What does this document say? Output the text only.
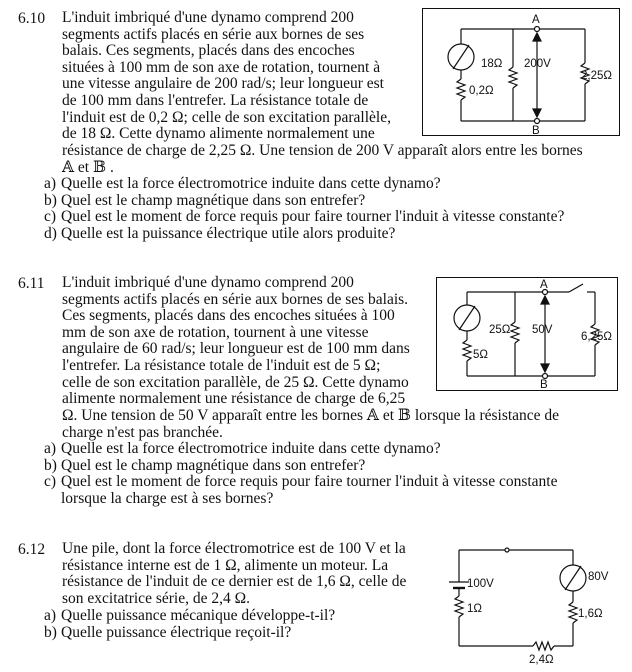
6.10 L'induit imbriqué d'une dynamo comprend 200
segments actifs placés en série aux bornes de ses
balais. Ces segments, placés dans des encoches
situées à 100 mm de son axe de rotation, tournent à
une vitesse angulaire de 200 rad/s; leur longueur est
de 100 mm dans l'entrefer. La résistance totale de
l'induit est de 0,2 Ω; celle de son excitation parallèle,
de 18 Ω. Cette dynamo alimente normalement une
résistance de charge de 2,25 Ω. Une tension de 200 V apparaît alors entre les bornes
𝔸 et 𝔹 .
a) Quelle est la force électromotrice induite dans cette dynamo?
b) Quel est le champ magnétique dans son entrefer?
c) Quel est le moment de force requis pour faire tourner l'induit à vitesse constante?
d) Quelle est la puissance électrique utile alors produite?
0,2Ω
18Ω 200V
2,25Ω
A
B
6.11 L'induit imbriqué d'une dynamo comprend 200
segments actifs placés en série aux bornes de ses balais.
Ces segments, placés dans des encoches situées à 100
mm de son axe de rotation, tournent à une vitesse
angulaire de 60 rad/s; leur longueur est de 100 mm dans
l'entrefer. La résistance totale de l'induit est de 5 Ω;
celle de son excitation parallèle, de 25 Ω. Cette dynamo
alimente normalement une résistance de charge de 6,25
Ω. Une tension de 50 V apparaît entre les bornes 𝔸 et 𝔹 lorsque la résistance de
charge n'est pas branchée.
a) Quelle est la force électromotrice induite dans cette dynamo?
b) Quel est le champ magnétique dans son entrefer?
c) Quel est le moment de force requis pour faire tourner l'induit à vitesse constante
lorsque la charge est à ses bornes?
5Ω
25Ω 50V
6,25Ω
A
B
6.12 Une pile, dont la force électromotrice est de 100 V et la
résistance interne est de 1 Ω, alimente un moteur. La
résistance de l'induit de ce dernier est de 1,6 Ω, celle de
son excitatrice série, de 2,4 Ω.
a) Quelle puissance mécanique développe-t-il?
b) Quelle puissance électrique reçoit-il?
100V
1Ω
80V
1,6Ω
2,4Ω
